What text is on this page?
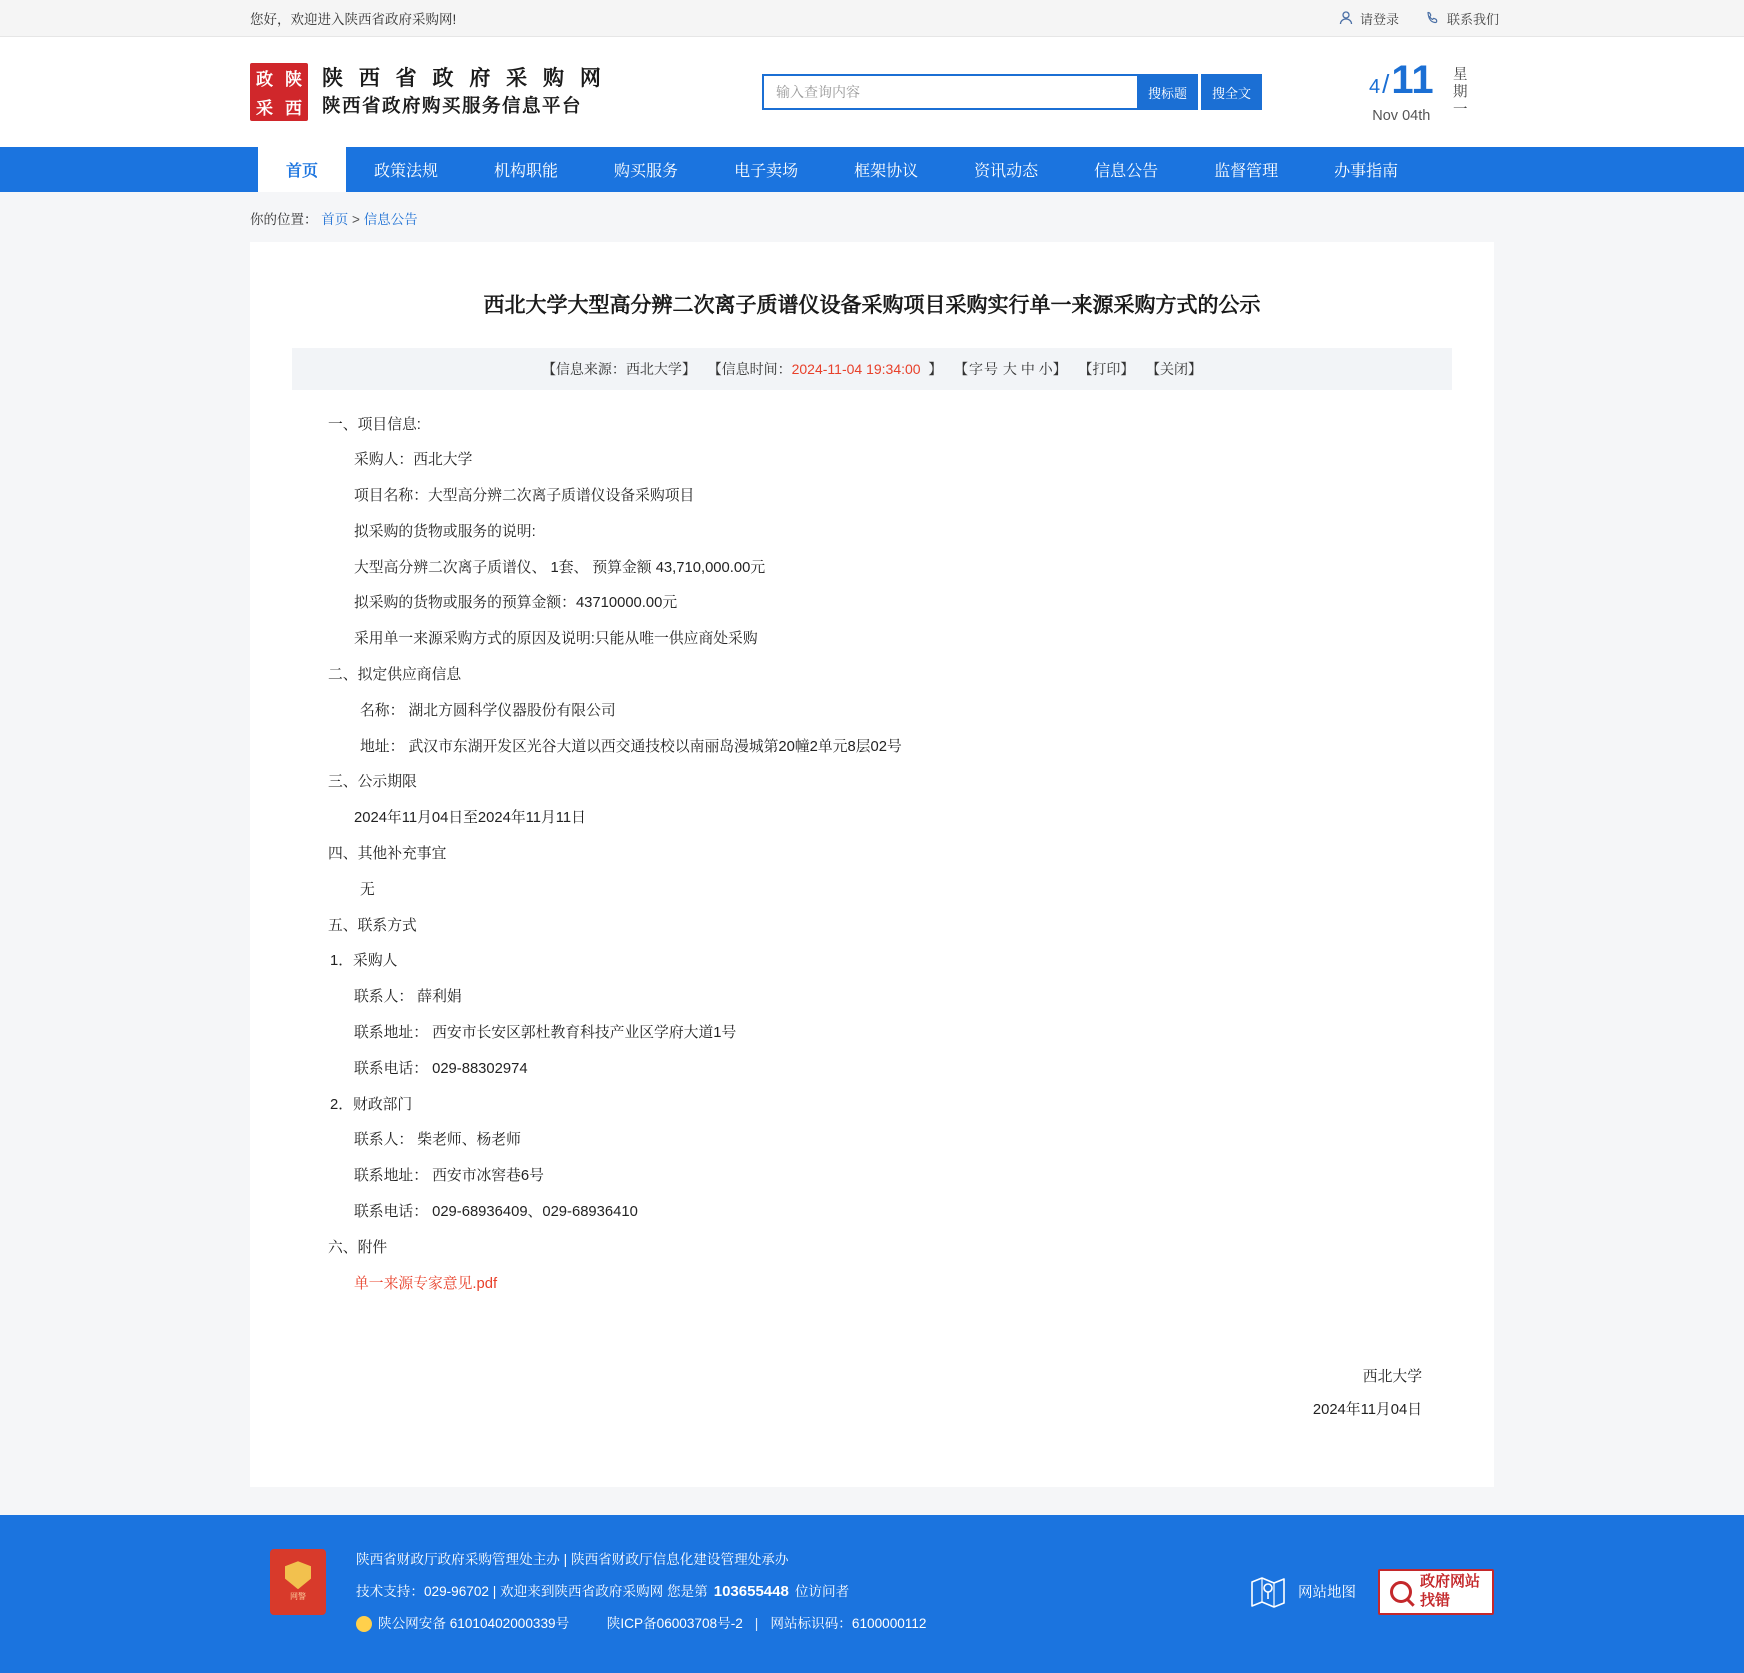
您好，欢迎进入陕西省政府采购网!	请登录	联系我们
政 陕
采 西
陕 西 省 政 府 采 购 网
陕西省政府购买服务信息平台
输入查询内容
搜标题	搜全文	4 / 11
Nov 04th 星期一
首页	政策法规	机构职能	购买服务	电子卖场	框架协议	资讯动态	信息公告	监督管理	办事指南
你的位置： 首页 > 信息公告
西北大学大型高分辨二次离子质谱仪设备采购项目采购实行单一来源采购方式的公示
【信息来源：西北大学】 【信息时间：2024-11-04 19:34:00 】 【字号 大 中 小】 【打印】 【关闭】
一、项目信息:
采购人：西北大学
项目名称：大型高分辨二次离子质谱仪设备采购项目
拟采购的货物或服务的说明:
大型高分辨二次离子质谱仪、 1套、 预算金额 43,710,000.00元
拟采购的货物或服务的预算金额：43710000.00元
采用单一来源采购方式的原因及说明:只能从唯一供应商处采购
二、拟定供应商信息
名称： 湖北方圆科学仪器股份有限公司
地址： 武汉市东湖开发区光谷大道以西交通技校以南丽岛漫城第20幢2单元8层02号
三、公示期限
2024年11月04日至2024年11月11日
四、其他补充事宜
无
五、联系方式
1．采购人
联系人： 薛利娟
联系地址： 西安市长安区郭杜教育科技产业区学府大道1号
联系电话： 029-88302974
2．财政部门
联系人： 柴老师、杨老师
联系地址： 西安市冰窖巷6号
联系电话： 029-68936409、029-68936410
六、附件
单一来源专家意见.pdf
西北大学
2024年11月04日
网警
陕西省财政厅政府采购管理处主办 | 陕西省财政厅信息化建设管理处承办
技术支持：029-96702 | 欢迎来到陕西省政府采购网 您是第 103655448 位访问者
陕公网安备 61010402000339号
　	陕ICP备06003708号-2 | 网站标识码：6100000112
网站地图
政府网站
找错
